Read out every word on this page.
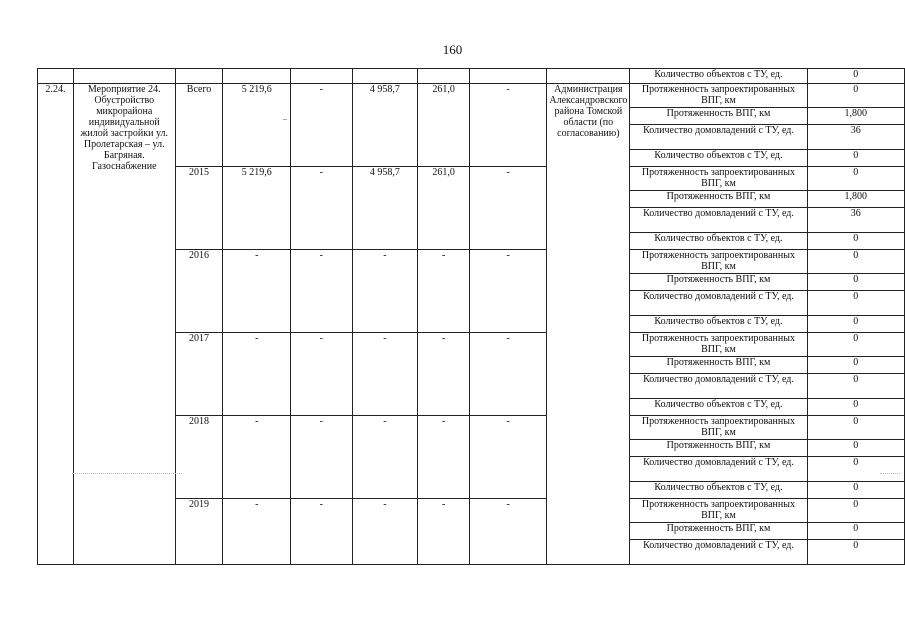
160
									Количество объектов с ТУ, ед.	0
2.24.	Мероприятие 24. Обустройство микрорайона индивидуальной жилой застройки ул. Пролетарская – ул. Багряная. Газоснабжение	Всего	5 219,6	-	4 958,7	261,0	-	Администрация Александровского района Томской области (по согласованию)	Протяженность запроектированных ВПГ, км	0
									Протяженность ВПГ, км	1,800
									Количество домовладений с ТУ, ед.	36
									Количество объектов с ТУ, ед.	0
		2015	5 219,6	-	4 958,7	261,0	-		Протяженность запроектированных ВПГ, км	0
									Протяженность ВПГ, км	1,800
									Количество домовладений с ТУ, ед.	36
									Количество объектов с ТУ, ед.	0
		2016	-	-	-	-	-		Протяженность запроектированных ВПГ, км	0
									Протяженность ВПГ, км	0
									Количество домовладений с ТУ, ед.	0
									Количество объектов с ТУ, ед.	0
		2017	-	-	-	-	-		Протяженность запроектированных ВПГ, км	0
									Протяженность ВПГ, км	0
									Количество домовладений с ТУ, ед.	0
									Количество объектов с ТУ, ед.	0
		2018	-	-	-	-	-		Протяженность запроектированных ВПГ, км	0
									Протяженность ВПГ, км	0
									Количество домовладений с ТУ, ед.	0
									Количество объектов с ТУ, ед.	0
		2019	-	-	-	-	-		Протяженность запроектированных ВПГ, км	0
									Протяженность ВПГ, км	0
									Количество домовладений с ТУ, ед.	0
